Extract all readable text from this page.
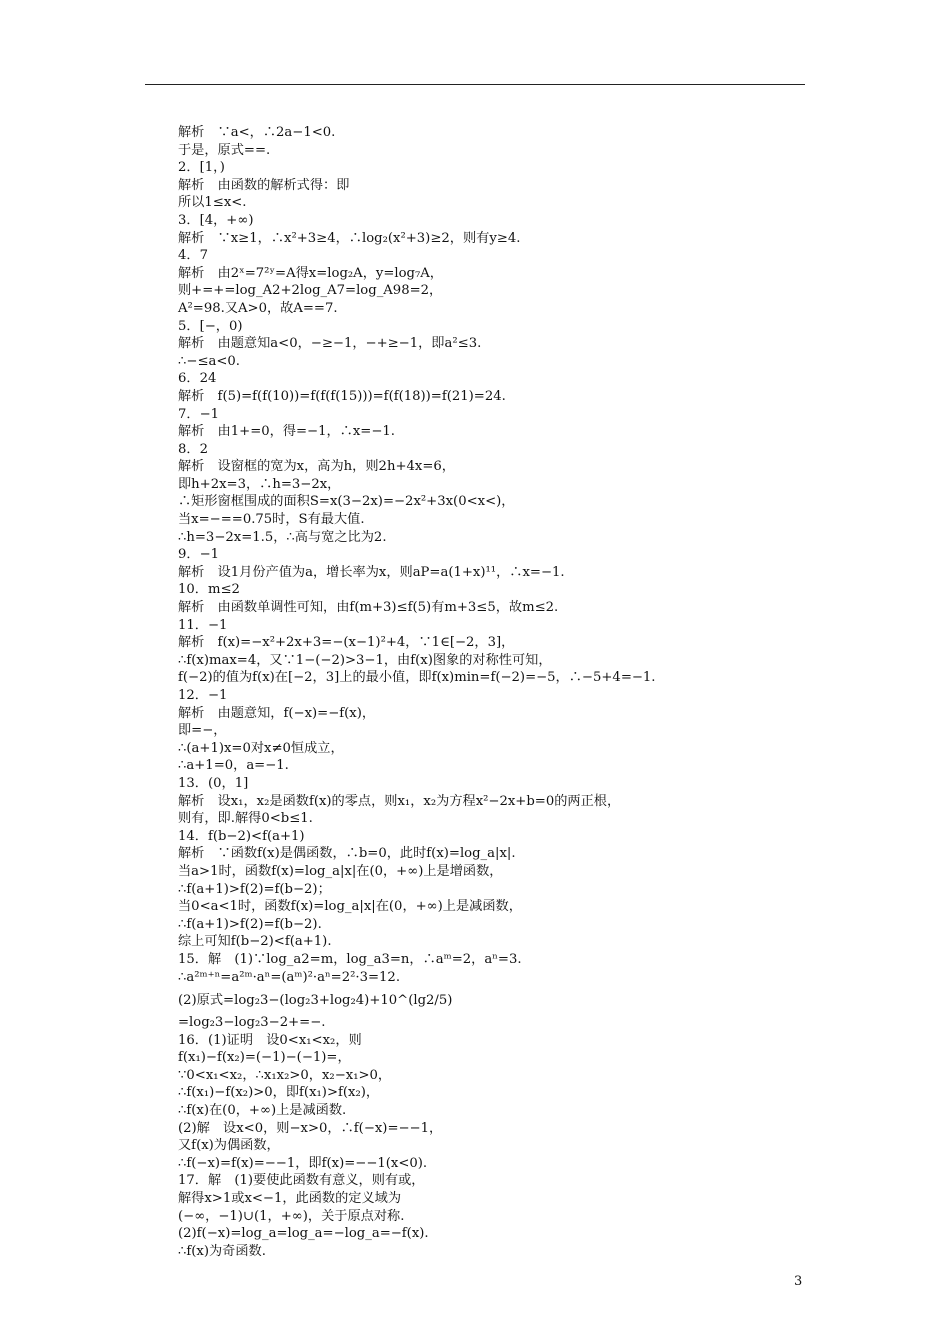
解析　∵a<，∴2a−1<0.
于是，原式==.
2．[1，)
解析　由函数的解析式得：即
所以1≤x<.
3．[4，+∞)
解析　∵x≥1，∴x²+3≥4，∴log₂(x²+3)≥2，则有y≥4.
4．7
解析　由2ˣ=7²ʸ=A得x=log₂A，y=log₇A，
则+=+=log_A2+2log_A7=log_A98=2，
A²=98.又A>0，故A==7.
5．[−，0)
解析　由题意知a<0，−≥−1，−+≥−1，即a²≤3.
∴−≤a<0.
6．24
解析　f(5)=f(f(10))=f(f(f(15)))=f(f(18))=f(21)=24.
7．−1
解析　由1+=0，得=−1，∴x=−1.
8．2
解析　设窗框的宽为x，高为h，则2h+4x=6，
即h+2x=3，∴h=3−2x，
∴矩形窗框围成的面积S=x(3−2x)=−2x²+3x(0<x<)，
当x=−==0.75时，S有最大值.
∴h=3−2x=1.5，∴高与宽之比为2.
9．−1
解析　设1月份产值为a，增长率为x，则aP=a(1+x)¹¹，∴x=−1.
10．m≤2
解析　由函数单调性可知，由f(m+3)≤f(5)有m+3≤5，故m≤2.
11．−1
解析　f(x)=−x²+2x+3=−(x−1)²+4，∵1∈[−2，3]，
∴f(x)max=4，又∵1−(−2)>3−1，由f(x)图象的对称性可知，
f(−2)的值为f(x)在[−2，3]上的最小值，即f(x)min=f(−2)=−5，∴−5+4=−1.
12．−1
解析　由题意知，f(−x)=−f(x)，
即=−，
∴(a+1)x=0对x≠0恒成立，
∴a+1=0，a=−1.
13．(0，1]
解析　设x₁，x₂是函数f(x)的零点，则x₁，x₂为方程x²−2x+b=0的两正根，
则有，即.解得0<b≤1.
14．f(b−2)<f(a+1)
解析　∵函数f(x)是偶函数，∴b=0，此时f(x)=log_a|x|.
当a>1时，函数f(x)=log_a|x|在(0，+∞)上是增函数，
∴f(a+1)>f(2)=f(b−2)；
当0<a<1时，函数f(x)=log_a|x|在(0，+∞)上是减函数，
∴f(a+1)>f(2)=f(b−2).
综上可知f(b−2)<f(a+1).
15．解　(1)∵log_a2=m，log_a3=n，∴aᵐ=2，aⁿ=3.
∴a²ᵐ⁺ⁿ=a²ᵐ·aⁿ=(aᵐ)²·aⁿ=2²·3=12.
(2)原式=log₂3−(log₂3+log₂4)+10^(lg2/5)
=log₂3−log₂3−2+=−.
16．(1)证明　设0<x₁<x₂，则
f(x₁)−f(x₂)=(−1)−(−1)=，
∵0<x₁<x₂，∴x₁x₂>0，x₂−x₁>0，
∴f(x₁)−f(x₂)>0，即f(x₁)>f(x₂)，
∴f(x)在(0，+∞)上是减函数.
(2)解　设x<0，则−x>0，∴f(−x)=−−1，
又f(x)为偶函数，
∴f(−x)=f(x)=−−1，即f(x)=−−1(x<0).
17．解　(1)要使此函数有意义，则有或，
解得x>1或x<−1，此函数的定义域为
(−∞，−1)∪(1，+∞)，关于原点对称.
(2)f(−x)=log_a=log_a=−log_a=−f(x).
∴f(x)为奇函数.
3
